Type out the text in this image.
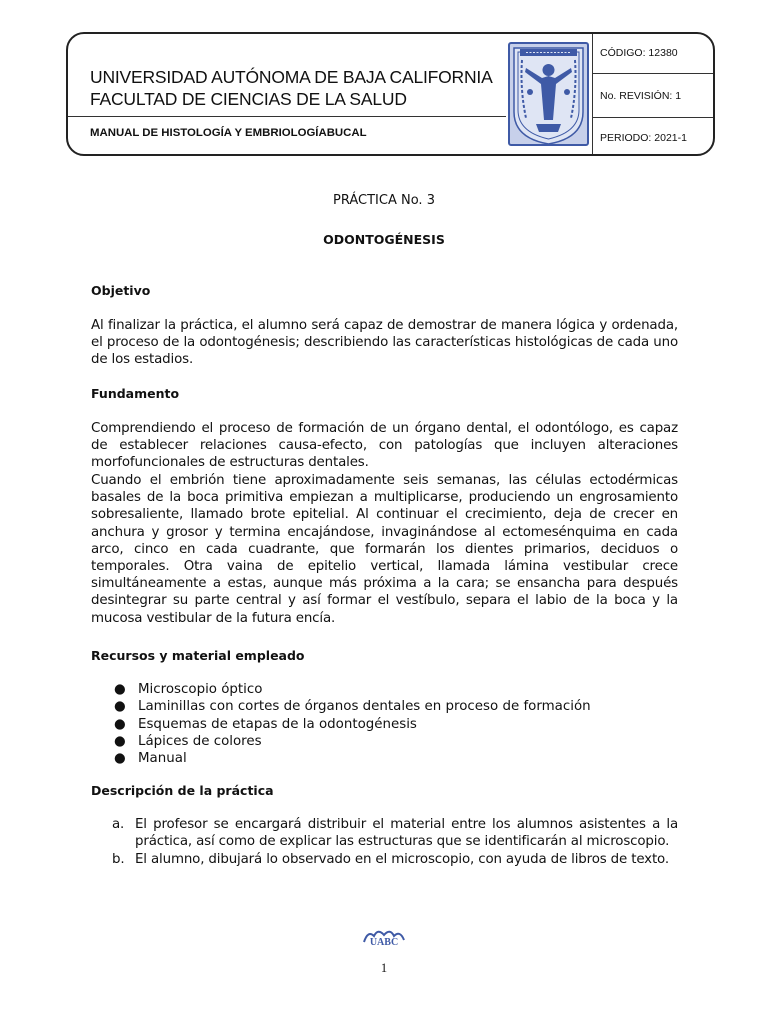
UNIVERSIDAD AUTÓNOMA DE BAJA CALIFORNIA
FACULTAD DE CIENCIAS DE LA SALUD
MANUAL DE HISTOLOGÍA Y EMBRIOLOGÍABUCAL
CÓDIGO: 12380
No. REVISIÓN: 1
PERIODO: 2021-1
PRÁCTICA No. 3
ODONTOGÉNESIS
Objetivo

Al finalizar la práctica, el alumno será capaz de demostrar de manera lógica y ordenada, el proceso de la odontogénesis; describiendo las características histológicas de cada uno de los estadios.

Fundamento

Comprendiendo el proceso de formación de un órgano dental, el odontólogo, es capaz de establecer relaciones causa-efecto, con patologías que incluyen alteraciones morfofuncionales de estructuras dentales.

Cuando el embrión tiene aproximadamente seis semanas, las células ectodérmicas basales de la boca primitiva empiezan a multiplicarse, produciendo un engrosamiento sobresaliente, llamado brote epitelial. Al continuar el crecimiento, deja de crecer en anchura y grosor y termina encajándose, invaginándose al ectomesénquima en cada arco, cinco en cada cuadrante, que formarán los dientes primarios, deciduos o temporales. Otra vaina de epitelio vertical, llamada lámina vestibular crece simultáneamente a estas, aunque más próxima a la cara; se ensancha para después desintegrar su parte central y así formar el vestíbulo, separa el labio de la boca y la mucosa vestibular de la futura encía.

Recursos y material empleado
● Microscopio óptico
● Laminillas con cortes de órganos dentales en proceso de formación
● Esquemas de etapas de la odontogénesis
● Lápices de colores
● Manual
Descripción de la práctica
a. El profesor se encargará distribuir el material entre los alumnos asistentes a la práctica, así como de explicar las estructuras que se identificarán al microscopio.
b. El alumno, dibujará lo observado en el microscopio, con ayuda de libros de texto.
UABC
1
